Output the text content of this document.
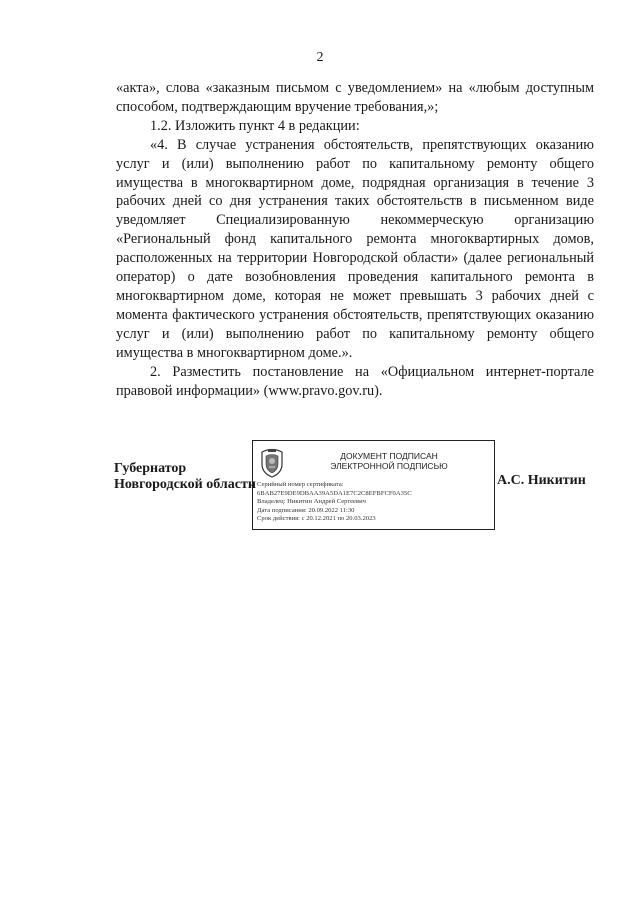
2

«акта», слова «заказным письмом с уведомлением» на «любым доступным способом, подтверждающим вручение требования,»;

1.2. Изложить пункт 4 в редакции:

«4. В случае устранения обстоятельств, препятствующих оказанию услуг и (или) выполнению работ по капитальному ремонту общего имущества в многоквартирном доме, подрядная организация в течение 3 рабочих дней со дня устранения таких обстоятельств в письменном виде уведомляет Специализированную некоммерческую организацию «Региональный фонд капитального ремонта многоквартирных домов, расположенных на территории Новгородской области» (далее региональный оператор) о дате возобновления проведения капитального ремонта в многоквартирном доме, которая не может превышать 3 рабочих дней с момента фактического устранения обстоятельств, препятствующих оказанию услуг и (или) выполнению работ по капитальному ремонту общего имущества в многоквартирном доме.».

2. Разместить постановление на «Официальном интернет-портале правовой информации» (www.pravo.gov.ru).

Губернатор
Новгородской области
ДОКУМЕНТ ПОДПИСАН
ЭЛЕКТРОННОЙ ПОДПИСЬЮ
Серийный номер сертификата:
6BAB27E9DE9DBAA39A5DA1E7C2C8EFBFCF0A35C
Владелец: Никитин Андрей Сергеевич
Дата подписания: 20.09.2022 11:30
Срок действия: с 20.12.2021 по 20.03.2023
А.С. Никитин
